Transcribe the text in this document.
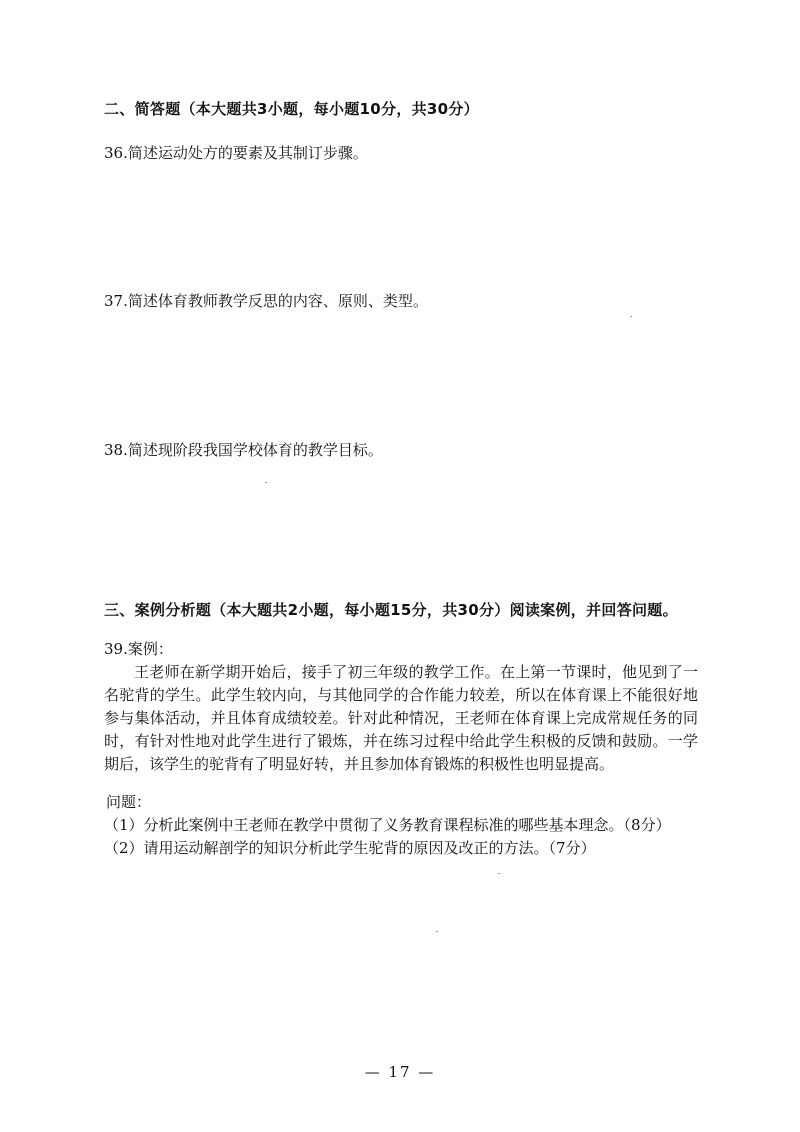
二、简答题（本大题共3小题，每小题10分，共30分）
36.简述运动处方的要素及其制订步骤。
37.简述体育教师教学反思的内容、原则、类型。
38.简述现阶段我国学校体育的教学目标。
三、案例分析题（本大题共2小题，每小题15分，共30分）阅读案例，并回答问题。
39.案例：
王老师在新学期开始后，接手了初三年级的教学工作。在上第一节课时，他见到了一名驼背的学生。此学生较内向，与其他同学的合作能力较差，所以在体育课上不能很好地参与集体活动，并且体育成绩较差。针对此种情况，王老师在体育课上完成常规任务的同时，有针对性地对此学生进行了锻炼，并在练习过程中给此学生积极的反馈和鼓励。一学期后，该学生的驼背有了明显好转，并且参加体育锻炼的积极性也明显提高。
问题：
（1）分析此案例中王老师在教学中贯彻了义务教育课程标准的哪些基本理念。（8分）
（2）请用运动解剖学的知识分析此学生驼背的原因及改正的方法。（7分）
— 17 —
